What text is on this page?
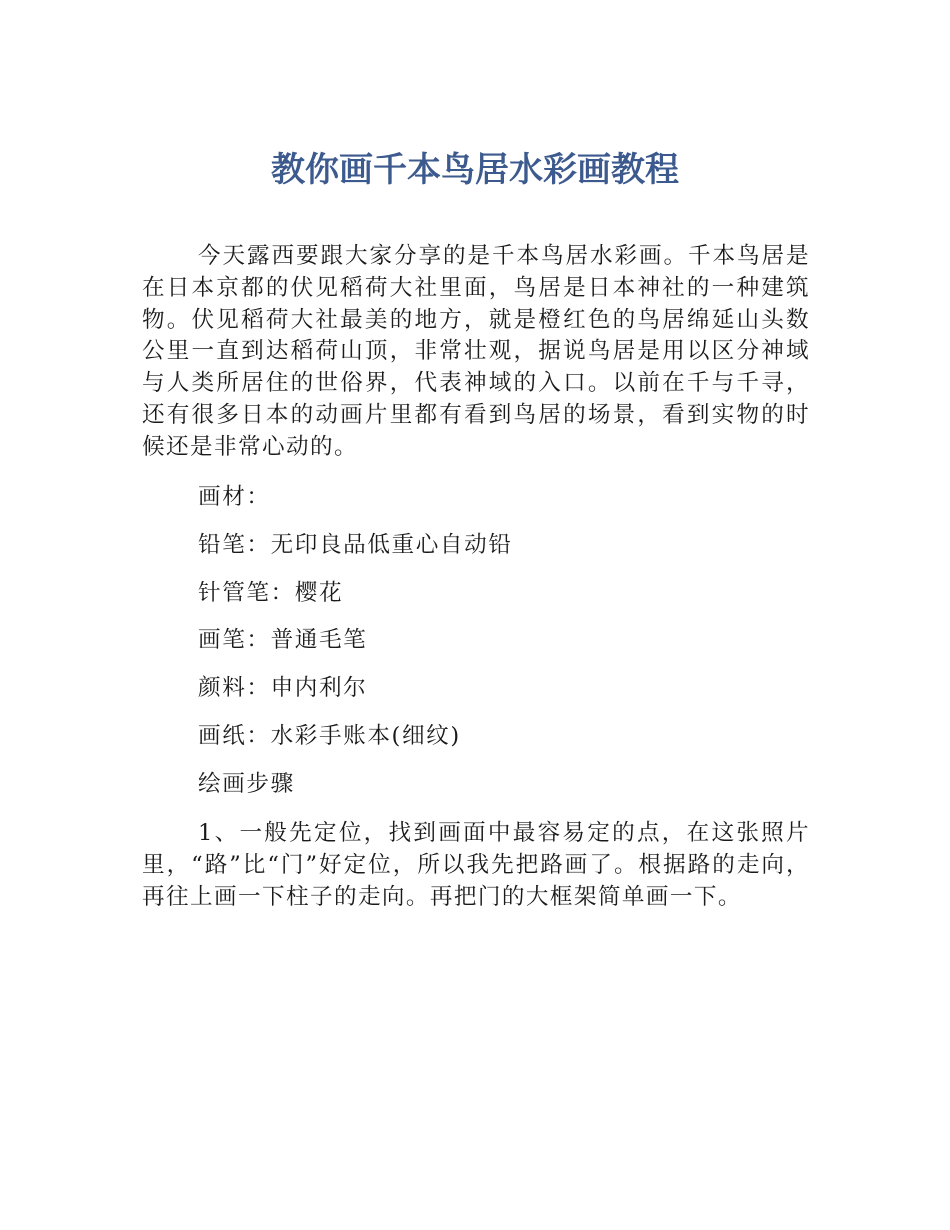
教你画千本鸟居水彩画教程

今天露西要跟大家分享的是千本鸟居水彩画。千本鸟居是在日本京都的伏见稻荷大社里面，鸟居是日本神社的一种建筑物。伏见稻荷大社最美的地方，就是橙红色的鸟居绵延山头数公里一直到达稻荷山顶，非常壮观，据说鸟居是用以区分神域与人类所居住的世俗界，代表神域的入口。以前在千与千寻，还有很多日本的动画片里都有看到鸟居的场景，看到实物的时候还是非常心动的。

画材：

铅笔：无印良品低重心自动铅

针管笔：樱花

画笔：普通毛笔

颜料：申内利尔

画纸：水彩手账本(细纹)

绘画步骤

1、一般先定位，找到画面中最容易定的点，在这张照片里，“路”比“门”好定位，所以我先把路画了。根据路的走向，再往上画一下柱子的走向。再把门的大框架简单画一下。
